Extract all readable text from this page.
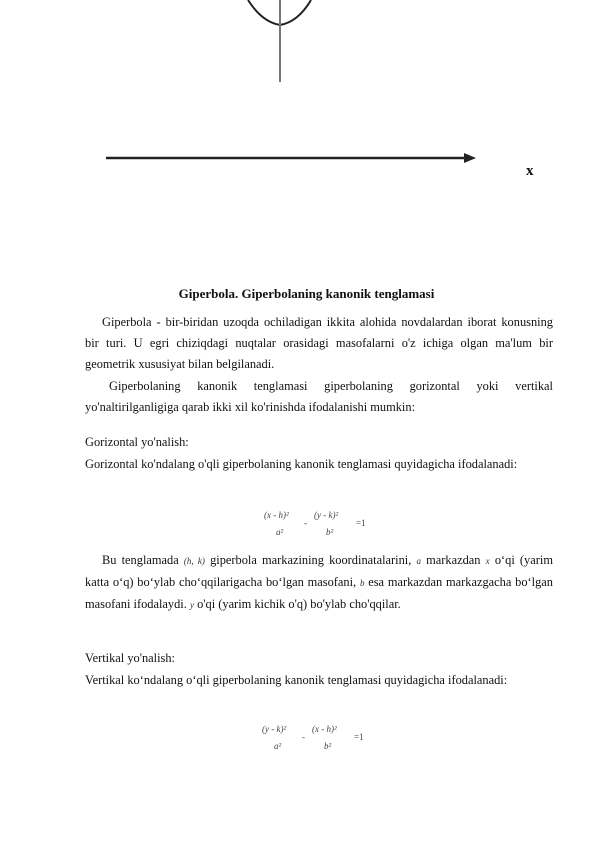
x
Giperbola. Giperbolaning kanonik tenglamasi

Giperbola - bir-biridan uzoqda ochiladigan ikkita alohida novdalardan iborat konusning bir turi. U egri chiziqdagi nuqtalar orasidagi masofalarni o'z ichiga olgan ma'lum bir geometrik xususiyat bilan belgilanadi.

Giperbolaning kanonik tenglamasi giperbolaning gorizontal yoki vertikal yo'naltirilganligiga qarab ikki xil ko'rinishda ifodalanishi mumkin:

Gorizontal yo'nalish:

Gorizontal ko'ndalang o'qli giperbolaning kanonik tenglamasi quyidagicha ifodalanadi:

(x - h)²
a²
-
(y - k)²
b²
=1

Bu tenglamada (h, k) giperbola markazining koordinatalarini, a markazdan x o‘qi (yarim katta o‘q) bo‘ylab cho‘qqilarigacha bo‘lgan masofani, b esa markazdan markazgacha bo‘lgan masofani ifodalaydi. y o'qi (yarim kichik o'q) bo'ylab cho'qqilar.

Vertikal yo'nalish:

Vertikal ko‘ndalang o‘qli giperbolaning kanonik tenglamasi quyidagicha ifodalanadi:

(y - k)²
a²
-
(x - h)²
b²
=1
